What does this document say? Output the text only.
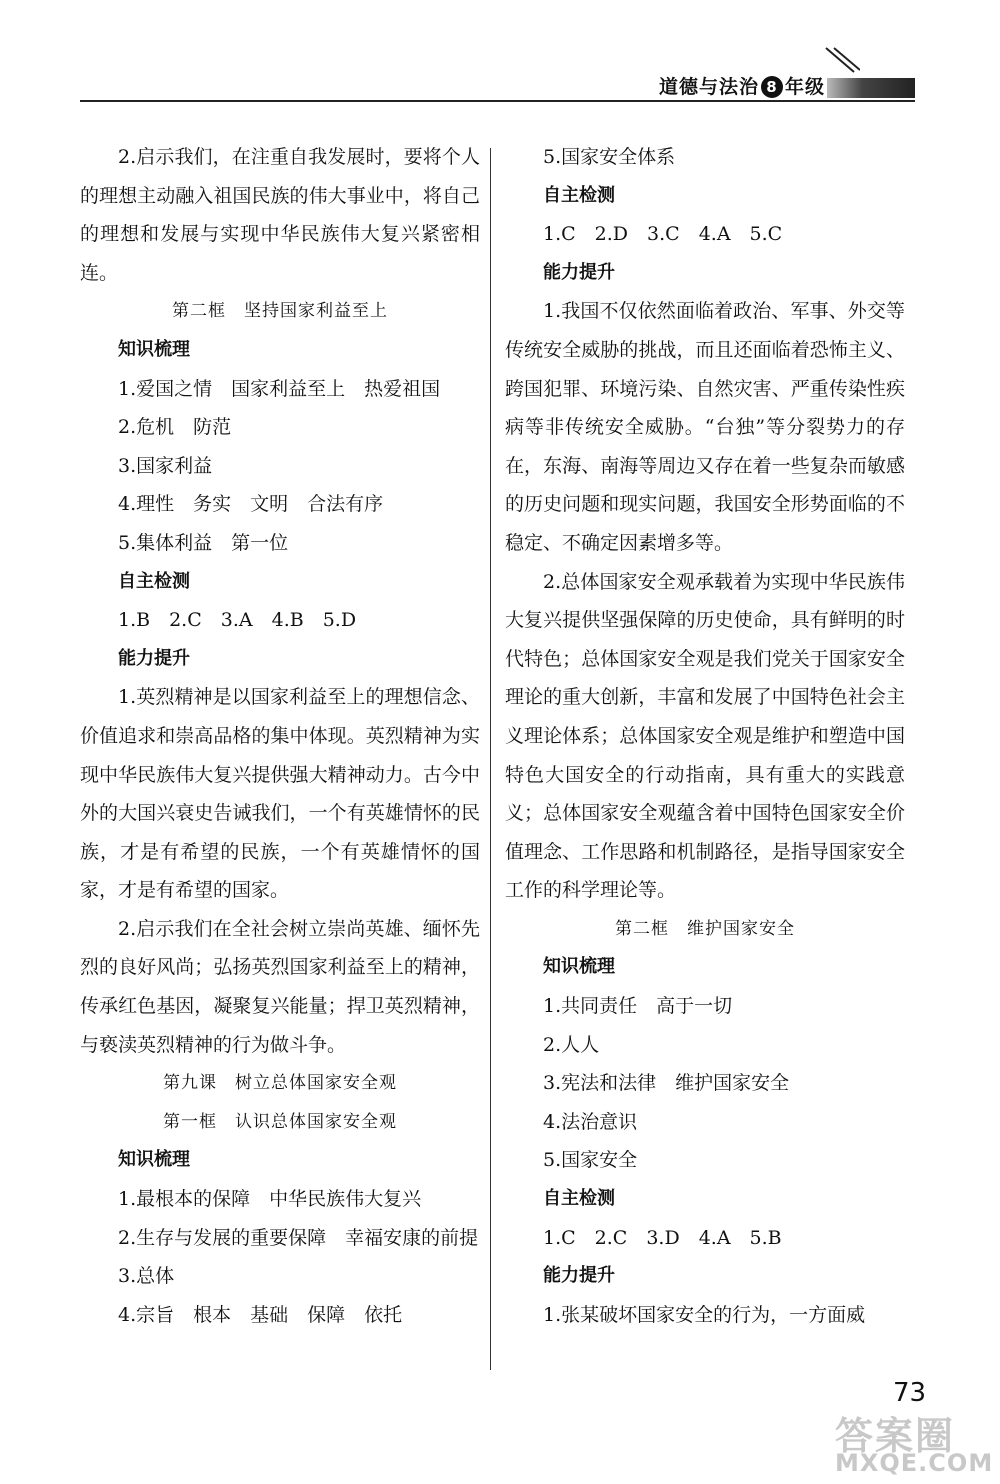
道德与法治 8 年级

2.启示我们，在注重自我发展时，要将个人的理想主动融入祖国民族的伟大事业中，将自己的理想和发展与实现中华民族伟大复兴紧密相连。

第二框　坚持国家利益至上

知识梳理

1.爱国之情　国家利益至上　热爱祖国

2.危机　防范

3.国家利益

4.理性　务实　文明　合法有序

5.集体利益　第一位

自主检测

1.B　2.C　3.A　4.B　5.D

能力提升

1.英烈精神是以国家利益至上的理想信念、价值追求和崇高品格的集中体现。英烈精神为实现中华民族伟大复兴提供强大精神动力。古今中外的大国兴衰史告诫我们，一个有英雄情怀的民族，才是有希望的民族，一个有英雄情怀的国家，才是有希望的国家。

2.启示我们在全社会树立崇尚英雄、缅怀先烈的良好风尚；弘扬英烈国家利益至上的精神，传承红色基因，凝聚复兴能量；捍卫英烈精神，与亵渎英烈精神的行为做斗争。

第九课　树立总体国家安全观

第一框　认识总体国家安全观

知识梳理

1.最根本的保障　中华民族伟大复兴

2.生存与发展的重要保障　幸福安康的前提

3.总体

4.宗旨　根本　基础　保障　依托

5.国家安全体系

自主检测

1.C　2.D　3.C　4.A　5.C

能力提升

1.我国不仅依然面临着政治、军事、外交等传统安全威胁的挑战，而且还面临着恐怖主义、跨国犯罪、环境污染、自然灾害、严重传染性疾病等非传统安全威胁。“台独”等分裂势力的存在，东海、南海等周边又存在着一些复杂而敏感的历史问题和现实问题，我国安全形势面临的不稳定、不确定因素增多等。

2.总体国家安全观承载着为实现中华民族伟大复兴提供坚强保障的历史使命，具有鲜明的时代特色；总体国家安全观是我们党关于国家安全理论的重大创新，丰富和发展了中国特色社会主义理论体系；总体国家安全观是维护和塑造中国特色大国安全的行动指南，具有重大的实践意义；总体国家安全观蕴含着中国特色国家安全价值理念、工作思路和机制路径，是指导国家安全工作的科学理论等。

第二框　维护国家安全

知识梳理

1.共同责任　高于一切

2.人人

3.宪法和法律　维护国家安全

4.法治意识

5.国家安全

自主检测

1.C　2.C　3.D　4.A　5.B

能力提升

1.张某破坏国家安全的行为，一方面威

73
答案圈
MXQE.COM
